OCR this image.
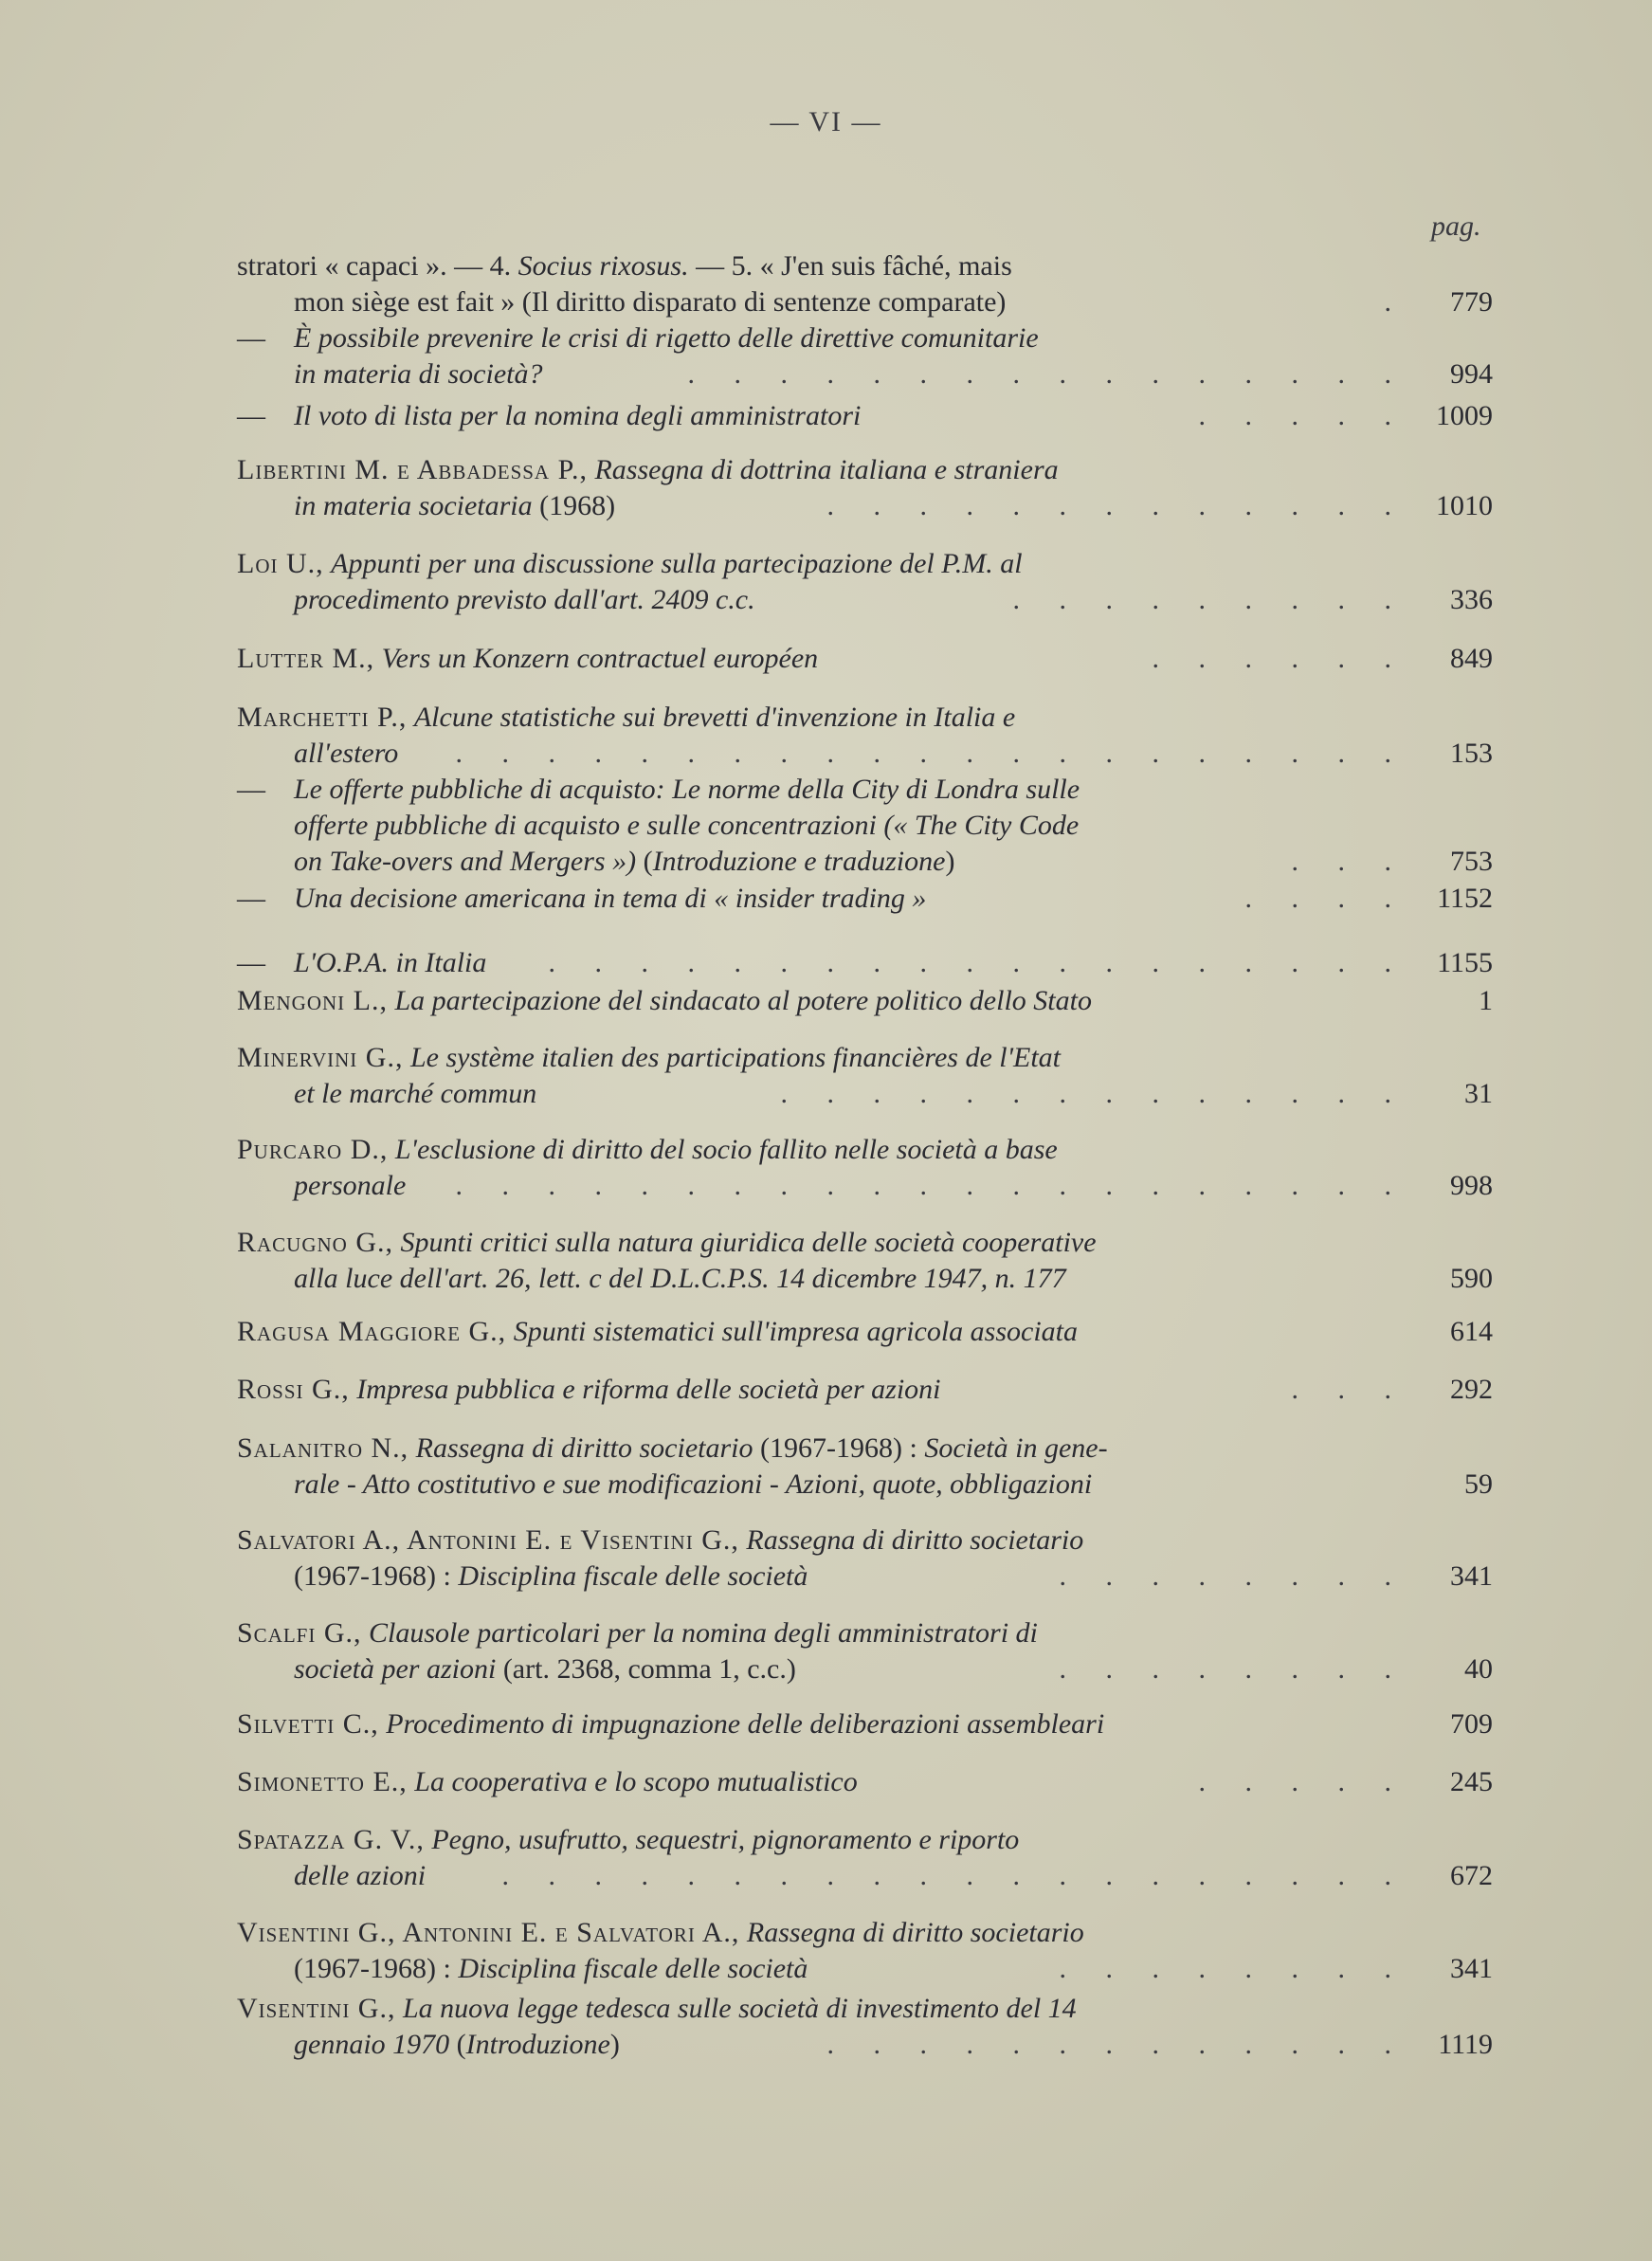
— VI —
pag.
stratori « capaci ». — 4. Socius rixosus. — 5. « J'en suis fâché, mais
mon siège est fait » (Il diritto disparato di sentenze comparate)	.	779
— È possibile prevenire le crisi di rigetto delle direttive comunitarie
in materia di società?	. . . . . . . . . . . . . . . .	994
— Il voto di lista per la nomina degli amministratori	. . . . . 1009
Libertini M. e Abbadessa P., Rassegna di dottrina italiana e straniera
in materia societaria (1968)	. . . . . . . . . . . . . 1010
Loi U., Appunti per una discussione sulla partecipazione del P.M. al
procedimento previsto dall'art. 2409 c.c.	. . . . . . . . .	336
Lutter M., Vers un Konzern contractuel européen	. . . . . .	849
Marchetti P., Alcune statistiche sui brevetti d'invenzione in Italia e
all'estero . . . . . . . . . . . . . . . . . . . . .	153
— Le offerte pubbliche di acquisto: Le norme della City di Londra sulle
offerte pubbliche di acquisto e sulle concentrazioni (« The City Code
on Take-overs and Mergers ») (Introduzione e traduzione)	. . .	753
— Una decisione americana in tema di « insider trading »	. . . . 1152
— L'O.P.A. in Italia . . . . . . . . . . . . . . . . . . . 1155
Mengoni L., La partecipazione del sindacato al potere politico dello Stato	1
Minervini G., Le système italien des participations financières de l'Etat
et le marché commun	. . . . . . . . . . . . . .	31
Purcaro D., L'esclusione di diritto del socio fallito nelle società a base
personale . . . . . . . . . . . . . . . . . . . . .	998
Racugno G., Spunti critici sulla natura giuridica delle società cooperative
alla luce dell'art. 26, lett. c del D.L.C.P.S. 14 dicembre 1947, n. 177	590
Ragusa Maggiore G., Spunti sistematici sull'impresa agricola associata	614
Rossi G., Impresa pubblica e riforma delle società per azioni	. . .	292
Salanitro N., Rassegna di diritto societario (1967-1968) : Società in gene-
rale - Atto costitutivo e sue modificazioni - Azioni, quote, obbligazioni	59
Salvatori A., Antonini E. e Visentini G., Rassegna di diritto societario
(1967-1968) : Disciplina fiscale delle società	. . . . . . . .	341
Scalfi G., Clausole particolari per la nomina degli amministratori di
società per azioni (art. 2368, comma 1, c.c.)	. . . . . . . .	40
Silvetti C., Procedimento di impugnazione delle deliberazioni assembleari	709
Simonetto E., La cooperativa e lo scopo mutualistico	. . . . .	245
Spatazza G. V., Pegno, usufrutto, sequestri, pignoramento e riporto
delle azioni	. . . . . . . . . . . . . . . . . . . .	672
Visentini G., Antonini E. e Salvatori A., Rassegna di diritto societario
(1967-1968) : Disciplina fiscale delle società	. . . . . . . .	341
Visentini G., La nuova legge tedesca sulle società di investimento del 14
gennaio 1970 (Introduzione)	. . . . . . . . . . . . . 1119
